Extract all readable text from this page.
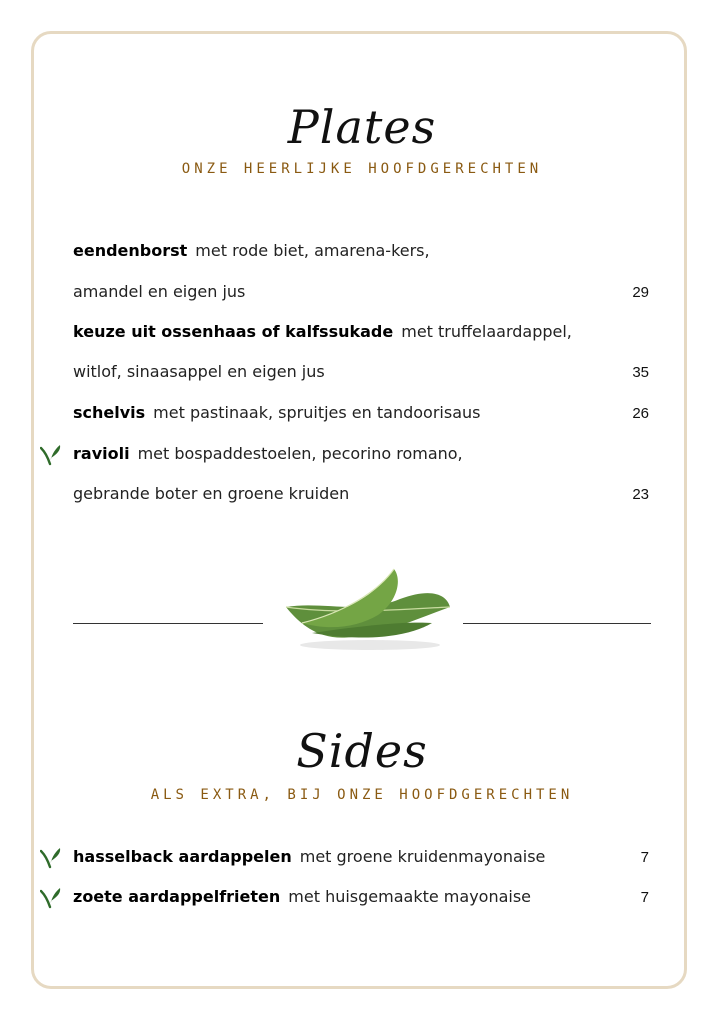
Plates
ONZE HEERLIJKE HOOFDGERECHTEN
eendenborst met rode biet, amarena-kers,
amandel en eigen jus	29
keuze uit ossenhaas of kalfssukade met truffelaardappel,
witlof, sinaasappel en eigen jus	35
schelvis met pastinaak, spruitjes en tandoorisaus	26
ravioli met bospaddestoelen, pecorino romano,
gebrande boter en groene kruiden	23
Sides
ALS EXTRA, BIJ ONZE HOOFDGERECHTEN
hasselback aardappelen met groene kruidenmayonaise	7
zoete aardappelfrieten met huisgemaakte mayonaise	7
